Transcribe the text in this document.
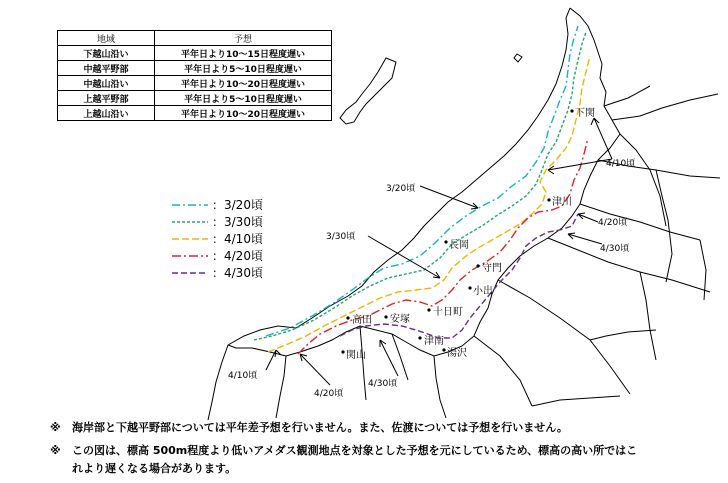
地域	予想
下越山沿い	平年日より10～15日程度遅い
中越平野部	平年日より5～10日程度遅い
中越山沿い	平年日より10～20日程度遅い
上越平野部	平年日より5～10日程度遅い
上越山沿い	平年日より10～20日程度遅い
：3/20頃
：3/30頃
：4/10頃
：4/20頃
：4/30頃
4/10頃
4/20頃
4/30頃
3/20頃
3/30頃
4/10頃
4/20頃
4/30頃
下関
津川
長岡
守門
小出
高田 安塚
十日町
津南
関山	湯沢
※ 海岸部と下越平野部については平年差予想を行いません。また、佐渡については予想を行いません。
※ この図は、標高 500m程度より低いアメダス観測地点を対象とした予想を元にしているため、標高の高い所ではこ
れより遅くなる場合があります。
